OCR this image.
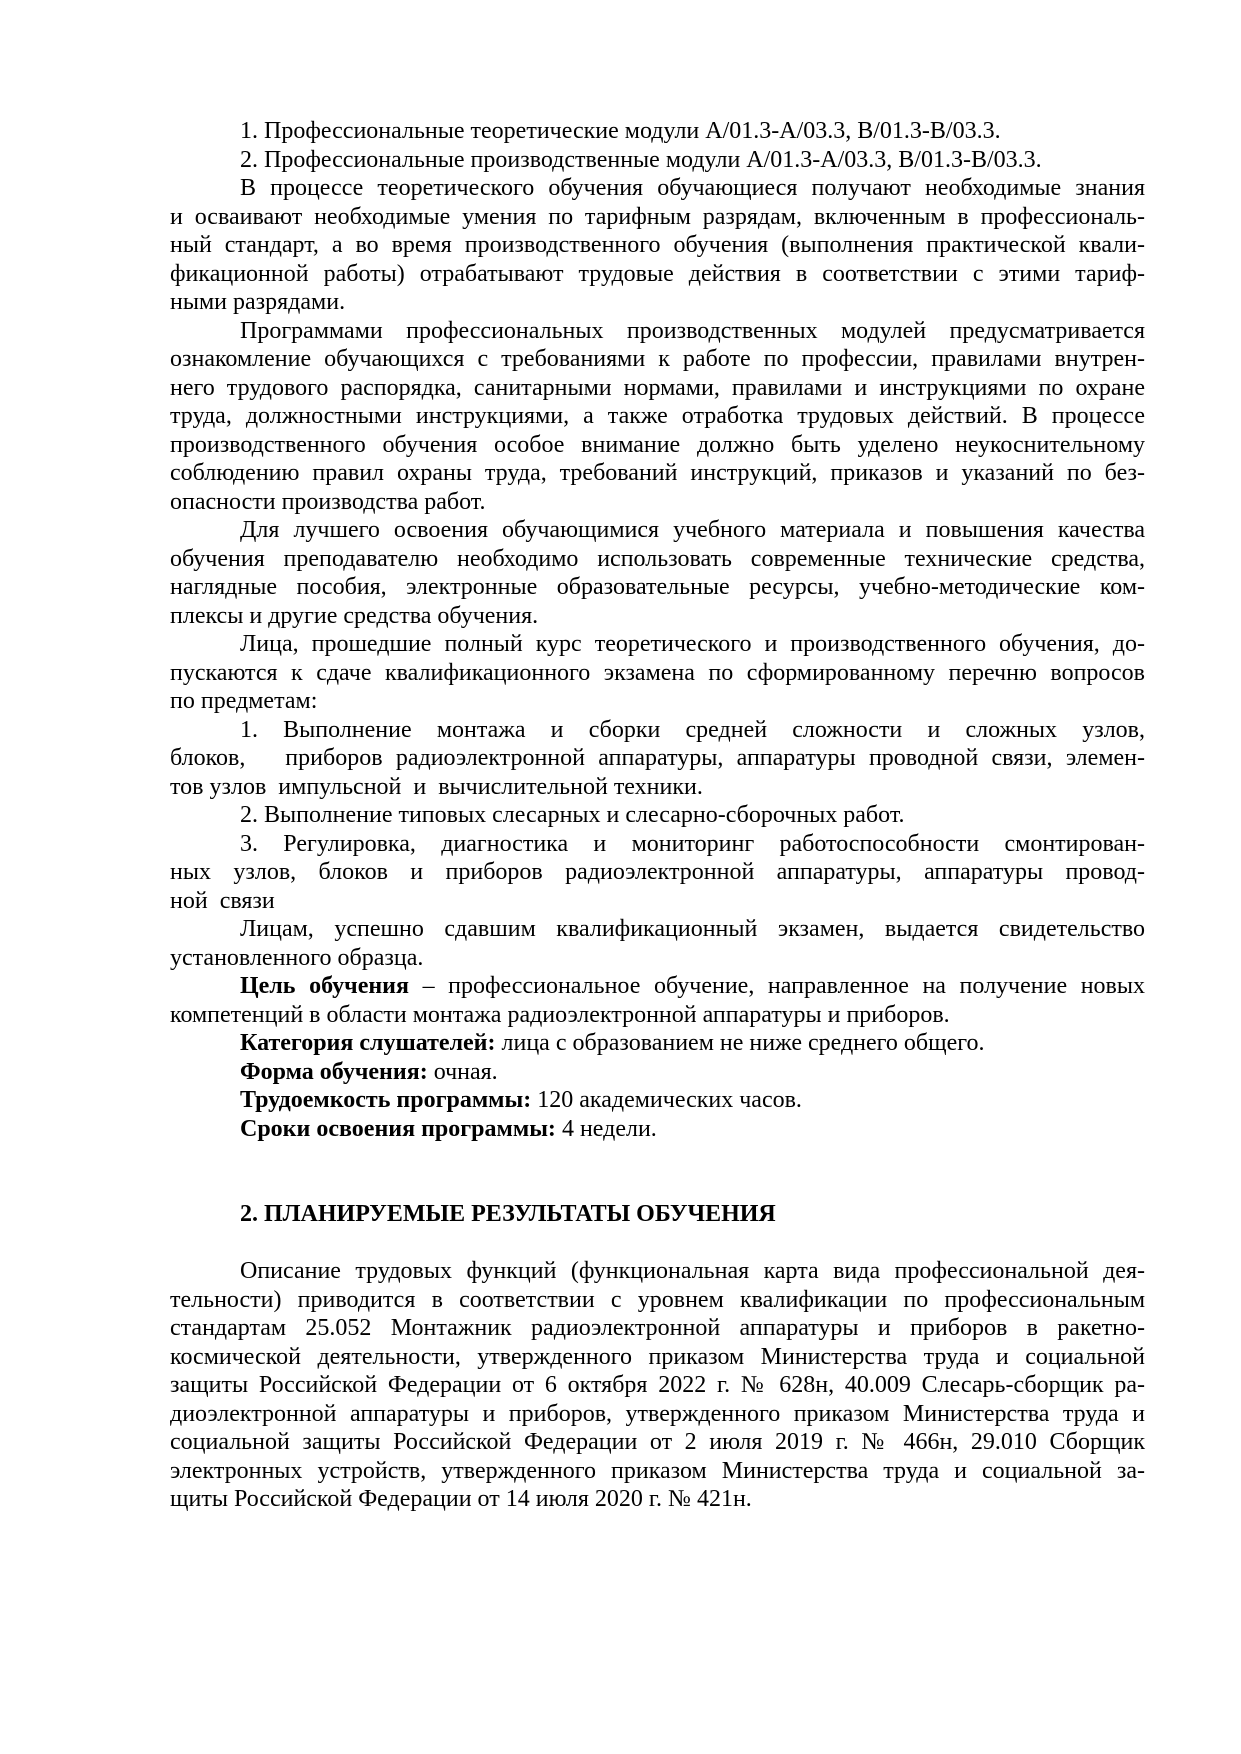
1. Профессиональные теоретические модули А/01.3-А/03.3, В/01.3-В/03.3.
2. Профессиональные производственные модули А/01.3-А/03.3, В/01.3-В/03.3.
В процессе теоретического обучения обучающиеся получают необходимые знания
и осваивают необходимые умения по тарифным разрядам, включенным в профессиональ-
ный стандарт, а во время производственного обучения (выполнения практической квали-
фикационной работы) отрабатывают трудовые действия в соответствии с этими тариф-
ными разрядами.
Программами профессиональных производственных модулей предусматривается
ознакомление обучающихся с требованиями к работе по профессии, правилами внутрен-
него трудового распорядка, санитарными нормами, правилами и инструкциями по охране
труда, должностными инструкциями, а также отработка трудовых действий. В процессе
производственного обучения особое внимание должно быть уделено неукоснительному
соблюдению правил охраны труда, требований инструкций, приказов и указаний по без-
опасности производства работ.
Для лучшего освоения обучающимися учебного материала и повышения качества
обучения преподавателю необходимо использовать современные технические средства,
наглядные пособия, электронные образовательные ресурсы, учебно-методические ком-
плексы и другие средства обучения.
Лица, прошедшие полный курс теоретического и производственного обучения, до-
пускаются к сдаче квалификационного экзамена по сформированному перечню вопросов
по предметам:
1. Выполнение монтажа и сборки средней сложности и сложных узлов,
блоков,   приборов радиоэлектронной аппаратуры, аппаратуры проводной связи, элемен-
тов узлов  импульсной  и  вычислительной техники.
2. Выполнение типовых слесарных и слесарно-сборочных работ.
3. Регулировка, диагностика и мониторинг работоспособности смонтирован-
ных узлов, блоков и приборов радиоэлектронной аппаратуры, аппаратуры провод-
ной  связи
Лицам, успешно сдавшим квалификационный экзамен, выдается свидетельство
установленного образца.
Цель обучения – профессиональное обучение, направленное на получение новых
компетенций в области монтажа радиоэлектронной аппаратуры и приборов.
Категория слушателей: лица с образованием не ниже среднего общего.
Форма обучения: очная.
Трудоемкость программы: 120 академических часов.
Сроки освоения программы: 4 недели.
2. ПЛАНИРУЕМЫЕ РЕЗУЛЬТАТЫ ОБУЧЕНИЯ
Описание трудовых функций (функциональная карта вида профессиональной дея-
тельности) приводится в соответствии с уровнем квалификации по профессиональным
стандартам 25.052 Монтажник радиоэлектронной аппаратуры и приборов в ракетно-
космической деятельности, утвержденного приказом Министерства труда и социальной
защиты Российской Федерации от 6 октября 2022 г. № 628н, 40.009 Слесарь-сборщик ра-
диоэлектронной аппаратуры и приборов, утвержденного приказом Министерства труда и
социальной защиты Российской Федерации от 2 июля 2019 г. № 466н, 29.010 Сборщик
электронных устройств, утвержденного приказом Министерства труда и социальной за-
щиты Российской Федерации от 14 июля 2020 г. № 421н.
